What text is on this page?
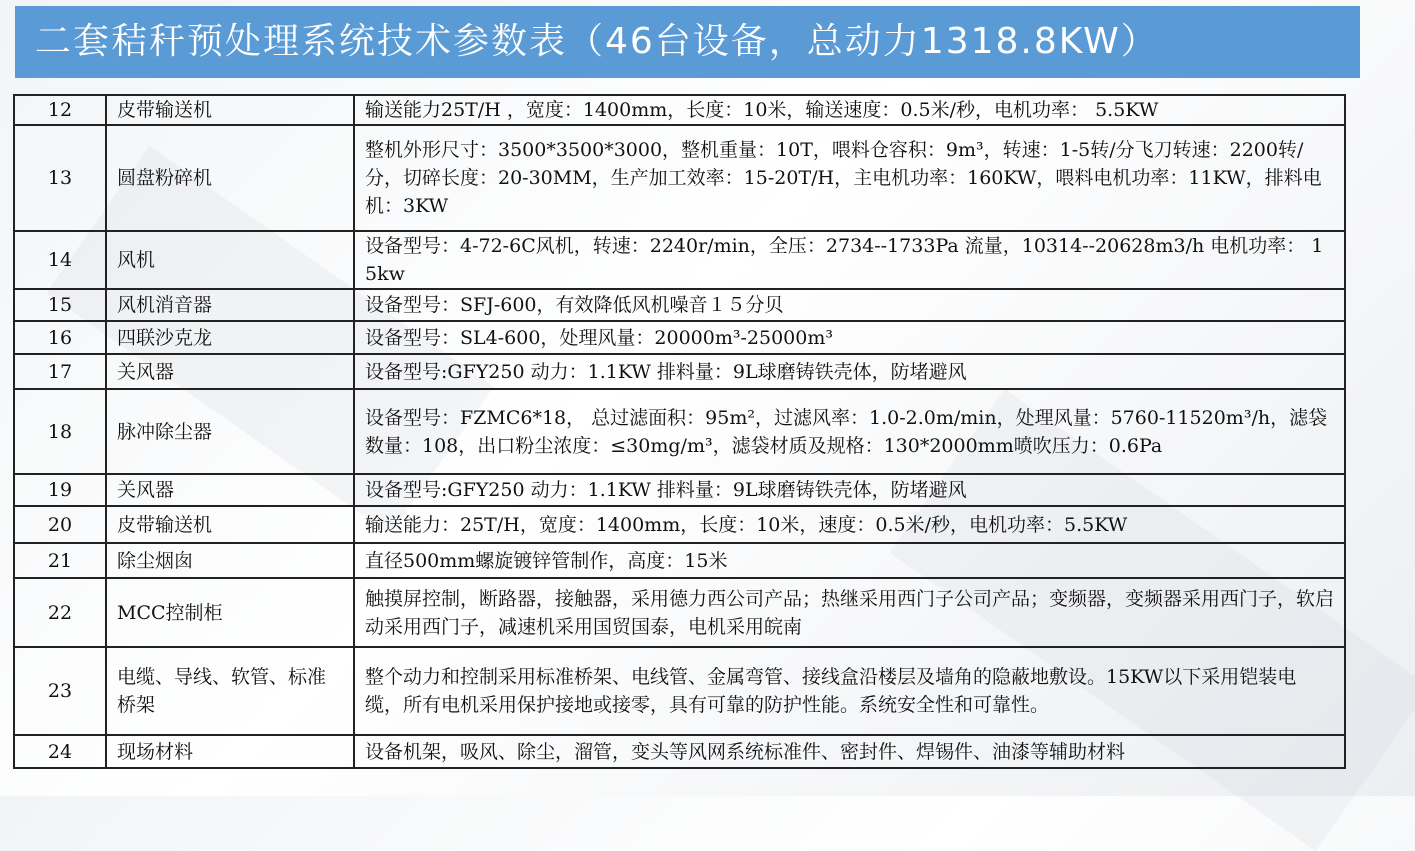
二套秸秆预处理系统技术参数表（46台设备，总动力1318.8KW）
12	皮带输送机	输送能力25T/H ，宽度：1400mm，长度：10米，输送速度：0.5米/秒，电机功率： 5.5KW
13	圆盘粉碎机	整机外形尺寸：3500*3500*3000，整机重量：10T，喂料仓容积：9m³，转速：1-5转/分飞刀转速：2200转/分，切碎长度：20-30MM，生产加工效率：15-20T/H，主电机功率：160KW，喂料电机功率：11KW，排料电机：3KW
14	风机	设备型号：4-72-6C风机，转速：2240r/min，全压：2734--1733Pa 流量，10314--20628m3/h 电机功率： 15kw
15	风机消音器	设备型号：SFJ-600，有效降低风机噪音１５分贝
16	四联沙克龙	设备型号：SL4-600，处理风量：20000m³-25000m³
17	关风器	设备型号:GFY250 动力：1.1KW 排料量：9L球磨铸铁壳体，防堵避风
18	脉冲除尘器	设备型号：FZMC6*18， 总过滤面积：95m²，过滤风率：1.0-2.0m/min，处理风量：5760-11520m³/h，滤袋数量：108，出口粉尘浓度：≤30mg/m³，滤袋材质及规格：130*2000mm喷吹压力：0.6Pa
19	关风器	设备型号:GFY250 动力：1.1KW 排料量：9L球磨铸铁壳体，防堵避风
20	皮带输送机	输送能力：25T/H，宽度：1400mm，长度：10米，速度：0.5米/秒，电机功率：5.5KW
21	除尘烟囱	直径500mm螺旋镀锌管制作，高度：15米
22	MCC控制柜	触摸屏控制，断路器，接触器，采用德力西公司产品；热继采用西门子公司产品；变频器，变频器采用西门子，软启动采用西门子，减速机采用国贸国泰，电机采用皖南
23	电缆、导线、软管、标准桥架	整个动力和控制采用标准桥架、电线管、金属弯管、接线盒沿楼层及墙角的隐蔽地敷设。15KW以下采用铠装电缆，所有电机采用保护接地或接零，具有可靠的防护性能。系统安全性和可靠性。
24	现场材料	设备机架，吸风、除尘，溜管，变头等风网系统标准件、密封件、焊锡件、油漆等辅助材料
